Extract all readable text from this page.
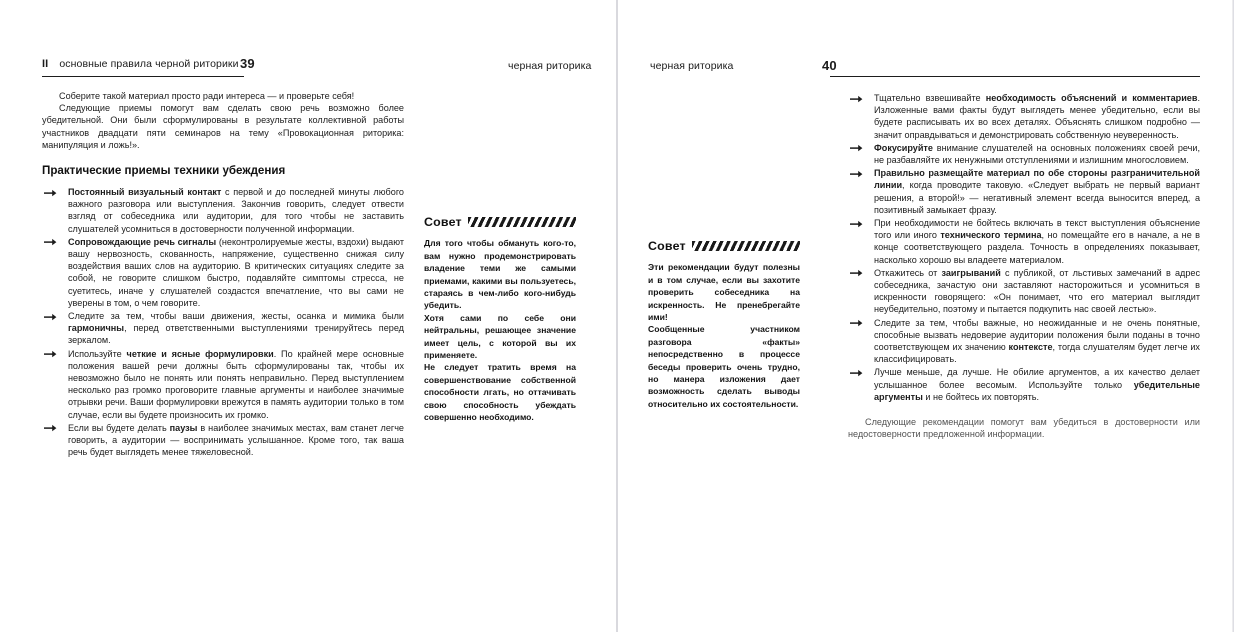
II основные правила черной риторики 39

Соберите такой материал просто ради интереса — и проверьте себя!

Следующие приемы помогут вам сделать свою речь возможно более убедительной. Они были сформулированы в результате коллективной работы участников двадцати пяти семинаров на тему «Провокационная риторика: манипуляция и ложь!».

Практические приемы техники убеждения
Постоянный визуальный контакт с первой и до последней минуты любого важного разговора или выступления. Закончив говорить, следует отвести взгляд от собеседника или аудитории, для того чтобы не заставить слушателей усомниться в достоверности полученной информации.
Сопровождающие речь сигналы (неконтролируемые жесты, вздохи) выдают вашу нервозность, скованность, напряжение, существенно снижая силу воздействия ваших слов на аудиторию. В критических ситуациях следите за собой, не говорите слишком быстро, подавляйте симптомы стресса, не суетитесь, иначе у слушателей создастся впечатление, что вы сами не уверены в том, о чем говорите.
Следите за тем, чтобы ваши движения, жесты, осанка и мимика были гармоничны, перед ответственными выступлениями тренируйтесь перед зеркалом.
Используйте четкие и ясные формулировки. По крайней мере основные положения вашей речи должны быть сформулированы так, чтобы их невозможно было не понять или понять неправильно. Перед выступлением несколько раз громко проговорите главные аргументы и наиболее значимые отрывки речи. Ваши формулировки врежутся в память аудитории только в том случае, если вы будете произносить их громко.
Если вы будете делать паузы в наиболее значимых местах, вам станет легче говорить, а аудитории — воспринимать услышанное. Кроме того, так ваша речь будет выглядеть менее тяжеловесной.
Совет

Для того чтобы обмануть кого-то, вам нужно продемонстрировать владение теми же самыми приемами, какими вы пользуетесь, стараясь в чем-либо кого-нибудь убедить.

Хотя сами по себе они нейтральны, решающее значение имеет цель, с которой вы их применяете.

Не следует тратить время на совершенствование собственной способности лгать, но оттачивать свою способность убеждать совершенно необходимо.

черная риторика	черная риторика	40
Совет

Эти рекомендации будут полезны и в том случае, если вы захотите проверить собеседника на искренность. Не пренебрегайте ими!

Сообщенные участником разговора «факты» непосредственно в процессе беседы проверить очень трудно, но манера изложения дает возможность сделать выводы относительно их состоятельности.

Тщательно взвешивайте необходимость объяснений и комментариев. Изложенные вами факты будут выглядеть менее убедительно, если вы будете расписывать их во всех деталях. Объяснять слишком подробно — значит оправдываться и демонстрировать собственную неуверенность.
Фокусируйте внимание слушателей на основных положениях своей речи, не разбавляйте их ненужными отступлениями и излишним многословием.
Правильно размещайте материал по обе стороны разграничительной линии, когда проводите таковую. «Следует выбрать не первый вариант решения, а второй!» — негативный элемент всегда выносится вперед, а позитивный замыкает фразу.
При необходимости не бойтесь включать в текст выступления объяснение того или иного технического термина, но помещайте его в начале, а не в конце соответствующего раздела. Точность в определениях показывает, насколько хорошо вы владеете материалом.
Откажитесь от заигрываний с публикой, от льстивых замечаний в адрес собеседника, зачастую они заставляют насторожиться и усомниться в искренности говорящего: «Он понимает, что его материал выглядит неубедительно, поэтому и пытается подкупить нас своей лестью».
Следите за тем, чтобы важные, но неожиданные и не очень понятные, способные вызвать недоверие аудитории положения были поданы в точно соответствующем их значению контексте, тогда слушателям будет легче их классифицировать.
Лучше меньше, да лучше. Не обилие аргументов, а их качество делает услышанное более весомым. Используйте только убедительные аргументы и не бойтесь их повторять.

Следующие рекомендации помогут вам убедиться в достоверности или недостоверности предложенной информации.
